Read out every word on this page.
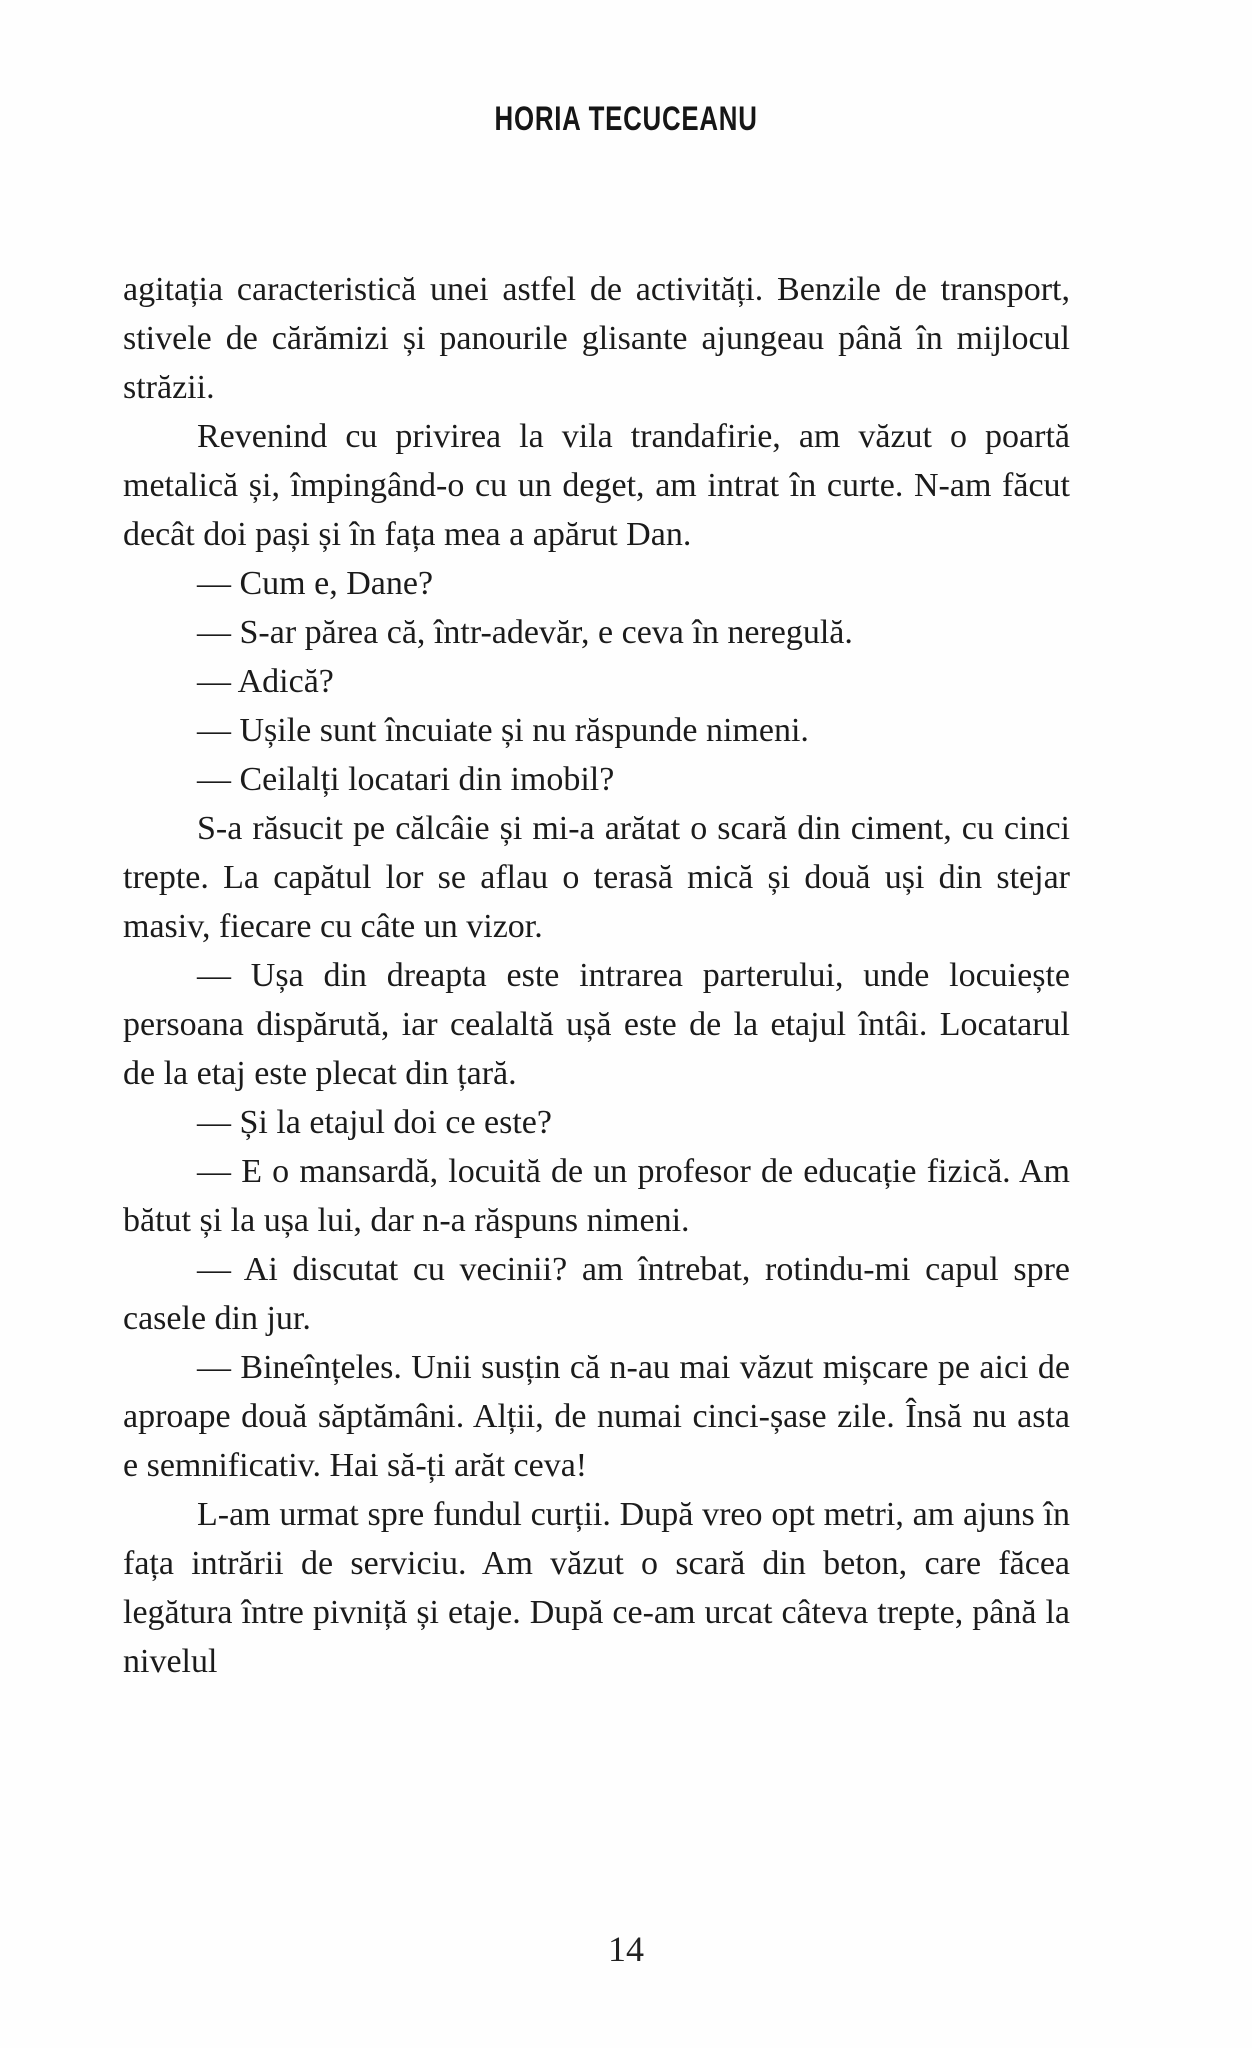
HORIA TECUCEANU

agitația caracteristică unei astfel de activități. Benzile de transport, stivele de cărămizi și panourile glisante ajungeau până în mijlocul străzii.

Revenind cu privirea la vila trandafirie, am văzut o poartă metalică și, împingând-o cu un deget, am intrat în curte. N-am făcut decât doi pași și în fața mea a apărut Dan.

— Cum e, Dane?

— S-ar părea că, într-adevăr, e ceva în neregulă.

— Adică?

— Ușile sunt încuiate și nu răspunde nimeni.

— Ceilalți locatari din imobil?

S-a răsucit pe călcâie și mi-a arătat o scară din ciment, cu cinci trepte. La capătul lor se aflau o terasă mică și două uși din stejar masiv, fiecare cu câte un vizor.

— Ușa din dreapta este intrarea parterului, unde locuiește persoana dispărută, iar cealaltă ușă este de la etajul întâi. Locatarul de la etaj este plecat din țară.

— Și la etajul doi ce este?

— E o mansardă, locuită de un profesor de educație fizică. Am bătut și la ușa lui, dar n-a răspuns nimeni.

— Ai discutat cu vecinii? am întrebat, rotindu-mi capul spre casele din jur.

— Bineînțeles. Unii susțin că n-au mai văzut mișcare pe aici de aproape două săptămâni. Alții, de numai cinci-șase zile. Însă nu asta e semnificativ. Hai să-ți arăt ceva!

L-am urmat spre fundul curții. După vreo opt metri, am ajuns în fața intrării de serviciu. Am văzut o scară din beton, care făcea legătura între pivniță și etaje. După ce-am urcat câteva trepte, până la nivelul

14
